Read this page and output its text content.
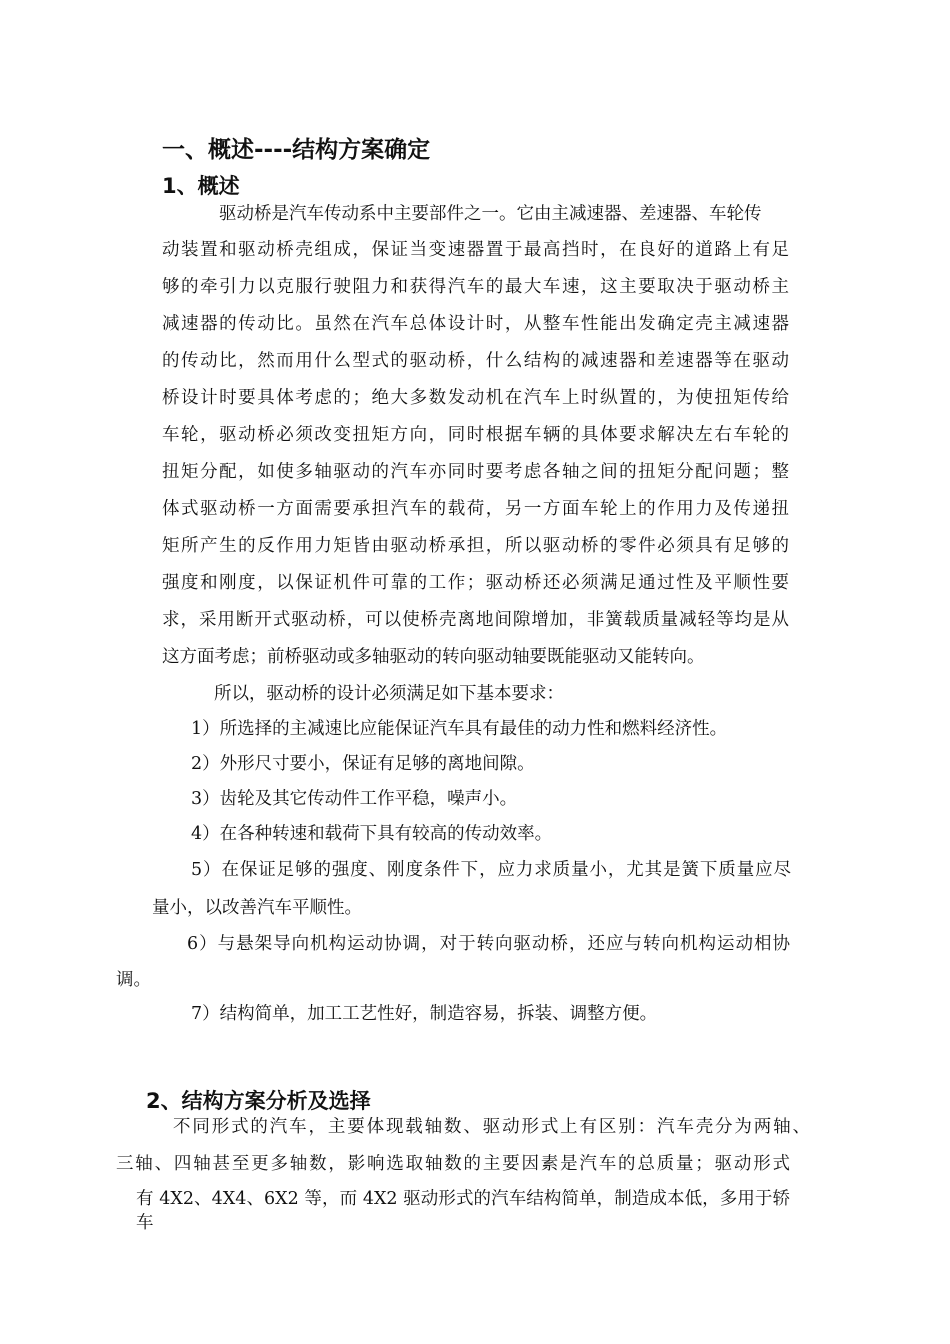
一、概述----结构方案确定
1、概述
驱动桥是汽车传动系中主要部件之一。它由主减速器、差速器、车轮传
动装置和驱动桥壳组成，保证当变速器置于最高挡时，在良好的道路上有足
够的牵引力以克服行驶阻力和获得汽车的最大车速，这主要取决于驱动桥主
减速器的传动比。虽然在汽车总体设计时，从整车性能出发确定壳主减速器
的传动比，然而用什么型式的驱动桥，什么结构的减速器和差速器等在驱动
桥设计时要具体考虑的；绝大多数发动机在汽车上时纵置的，为使扭矩传给
车轮，驱动桥必须改变扭矩方向，同时根据车辆的具体要求解决左右车轮的
扭矩分配，如使多轴驱动的汽车亦同时要考虑各轴之间的扭矩分配问题；整
体式驱动桥一方面需要承担汽车的载荷，另一方面车轮上的作用力及传递扭
矩所产生的反作用力矩皆由驱动桥承担，所以驱动桥的零件必须具有足够的
强度和刚度，以保证机件可靠的工作；驱动桥还必须满足通过性及平顺性要
求，采用断开式驱动桥，可以使桥壳离地间隙增加，非簧载质量减轻等均是从
这方面考虑；前桥驱动或多轴驱动的转向驱动轴要既能驱动又能转向。
所以，驱动桥的设计必须满足如下基本要求：
1）所选择的主减速比应能保证汽车具有最佳的动力性和燃料经济性。
2）外形尺寸要小，保证有足够的离地间隙。
3）齿轮及其它传动件工作平稳，噪声小。
4）在各种转速和载荷下具有较高的传动效率。
5）在保证足够的强度、刚度条件下，应力求质量小，尤其是簧下质量应尽
量小，以改善汽车平顺性。
6）与悬架导向机构运动协调，对于转向驱动桥，还应与转向机构运动相协
调。
7）结构简单，加工工艺性好，制造容易，拆装、调整方便。
2、结构方案分析及选择
不同形式的汽车，主要体现载轴数、驱动形式上有区别：汽车壳分为两轴、
三轴、四轴甚至更多轴数，影响选取轴数的主要因素是汽车的总质量；驱动形式
有 4X2、4X4、6X2 等，而 4X2 驱动形式的汽车结构简单，制造成本低，多用于轿车
